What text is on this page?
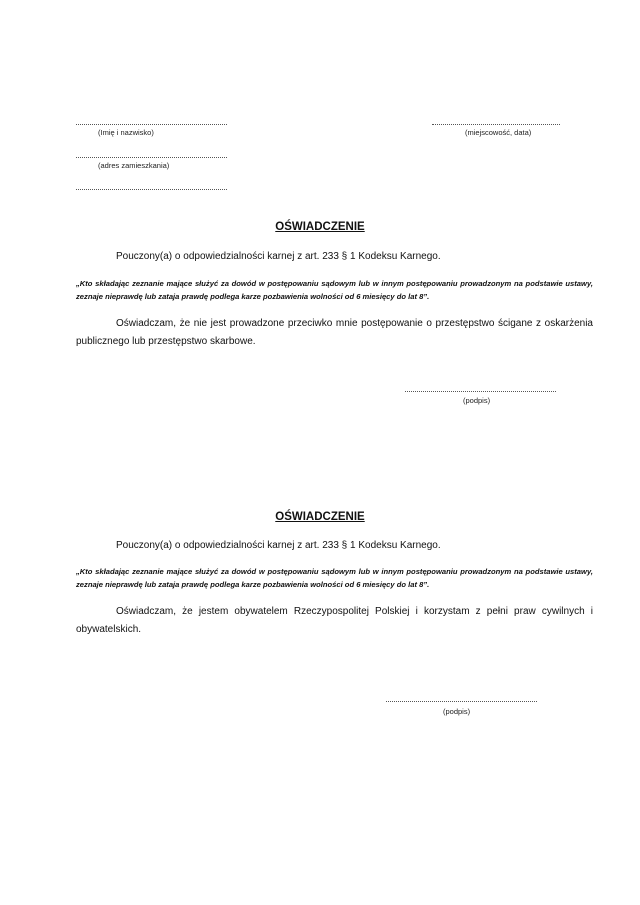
(Imię i nazwisko)	(miejscowość, data)
(adres zamieszkania)
OŚWIADCZENIE
Pouczony(a) o odpowiedzialności karnej z art. 233 § 1 Kodeksu Karnego.
„Kto składając zeznanie mające służyć za dowód w postępowaniu sądowym lub w innym postępowaniu prowadzonym na podstawie ustawy, zeznaje nieprawdę lub zataja prawdę podlega karze pozbawienia wolności od 6 miesięcy do lat 8”.
Oświadczam, że nie jest prowadzone przeciwko mnie postępowanie o przestępstwo ścigane z oskarżenia publicznego lub przestępstwo skarbowe.
(podpis)
OŚWIADCZENIE
Pouczony(a) o odpowiedzialności karnej z art. 233 § 1 Kodeksu Karnego.
„Kto składając zeznanie mające służyć za dowód w postępowaniu sądowym lub w innym postępowaniu prowadzonym na podstawie ustawy, zeznaje nieprawdę lub zataja prawdę podlega karze pozbawienia wolności od 6 miesięcy do lat 8”.
Oświadczam, że jestem obywatelem Rzeczypospolitej Polskiej i korzystam z pełni praw cywilnych i obywatelskich.
(podpis)
